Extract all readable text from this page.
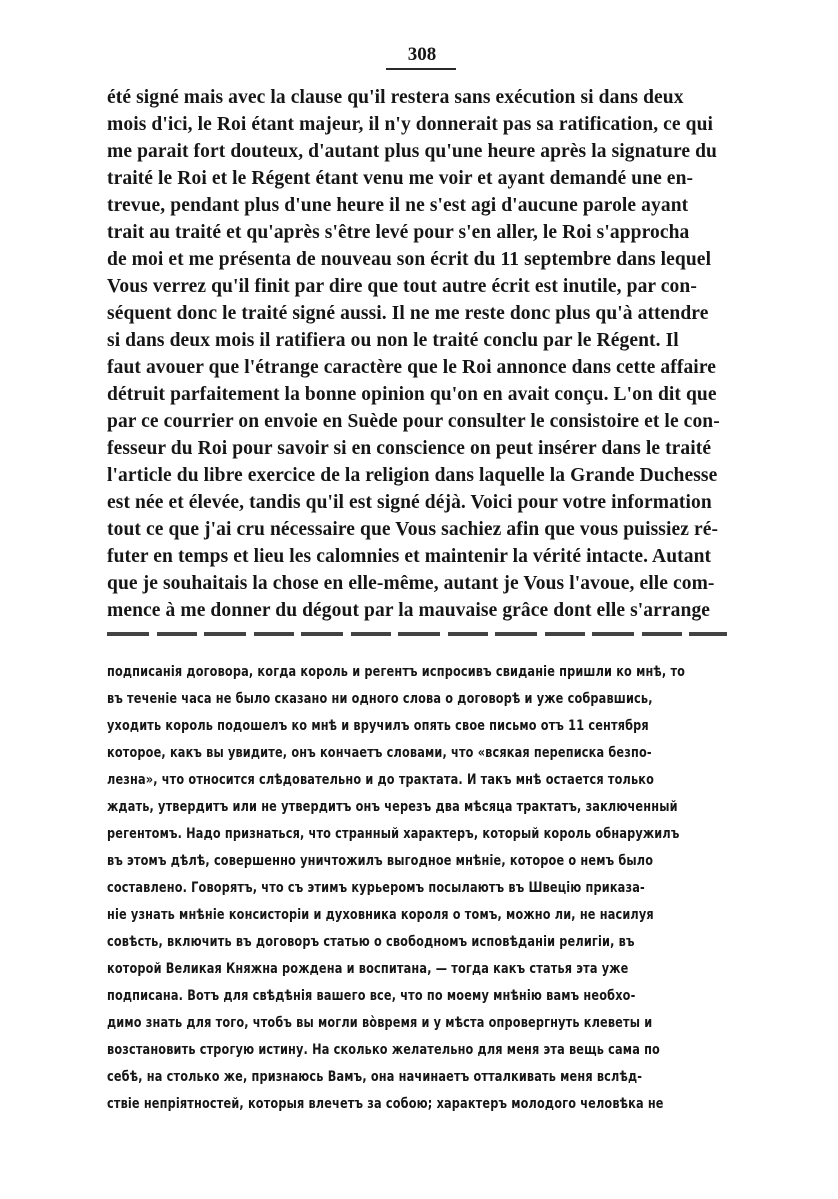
308
été signé mais avec la clause qu'il restera sans exécution si dans deux
mois d'ici, le Roi étant majeur, il n'y donnerait pas sa ratification, ce qui
me parait fort douteux, d'autant plus qu'une heure après la signature du
traité le Roi et le Régent étant venu me voir et ayant demandé une en-
trevue, pendant plus d'une heure il ne s'est agi d'aucune parole ayant
trait au traité et qu'après s'être levé pour s'en aller, le Roi s'approcha
de moi et me présenta de nouveau son écrit du 11 septembre dans lequel
Vous verrez qu'il finit par dire que tout autre écrit est inutile, par con-
séquent donc le traité signé aussi. Il ne me reste donc plus qu'à attendre
si dans deux mois il ratifiera ou non le traité conclu par le Régent. Il
faut avouer que l'étrange caractère que le Roi annonce dans cette affaire
détruit parfaitement la bonne opinion qu'on en avait conçu. L'on dit que
par ce courrier on envoie en Suède pour consulter le consistoire et le con-
fesseur du Roi pour savoir si en conscience on peut insérer dans le traité
l'article du libre exercice de la religion dans laquelle la Grande Duchesse
est née et élevée, tandis qu'il est signé déjà. Voici pour votre information
tout ce que j'ai cru nécessaire que Vous sachiez afin que vous puissiez ré-
futer en temps et lieu les calomnies et maintenir la vérité intacte. Autant
que je souhaitais la chose en elle-même, autant je Vous l'avoue, elle com-
mence à me donner du dégout par la mauvaise grâce dont elle s'arrange
подписанія договора, когда король и регентъ испросивъ свиданіе пришли ко мнѣ, то
въ теченіе часа не было сказано ни одного слова о договорѣ и уже собравшись,
уходить король подошелъ ко мнѣ и вручилъ опять свое письмо отъ 11 сентября
которое, какъ вы увидите, онъ кончаетъ словами, что «всякая переписка безпо-
лезна», что относится слѣдовательно и до трактата. И такъ мнѣ остается только
ждать, утвердитъ или не утвердитъ онъ черезъ два мѣсяца трактатъ, заключенный
регентомъ. Надо признаться, что странный характеръ, который король обнаружилъ
въ этомъ дѣлѣ, совершенно уничтожилъ выгодное мнѣніе, которое о немъ было
составлено. Говорятъ, что съ этимъ курьеромъ посылаютъ въ Швецію приказа-
ніе узнать мнѣніе консисторіи и духовника короля о томъ, можно ли, не насилуя
совѣсть, включить въ договоръ статью о свободномъ исповѣданіи религіи, въ
которой Великая Княжна рождена и воспитана, — тогда какъ статья эта уже
подписана. Вотъ для свѣдѣнія вашего все, что по моему мнѣнію вамъ необхо-
димо знать для того, чтобъ вы могли вòвремя и у мѣста опровергнуть клеветы и
возстановить строгую истину. На сколько желательно для меня эта вещь сама по
себѣ, на столько же, признаюсь Вамъ, она начинаетъ отталкивать меня вслѣд-
ствіе непріятностей, которыя влечетъ за собою; характеръ молодого человѣка не
